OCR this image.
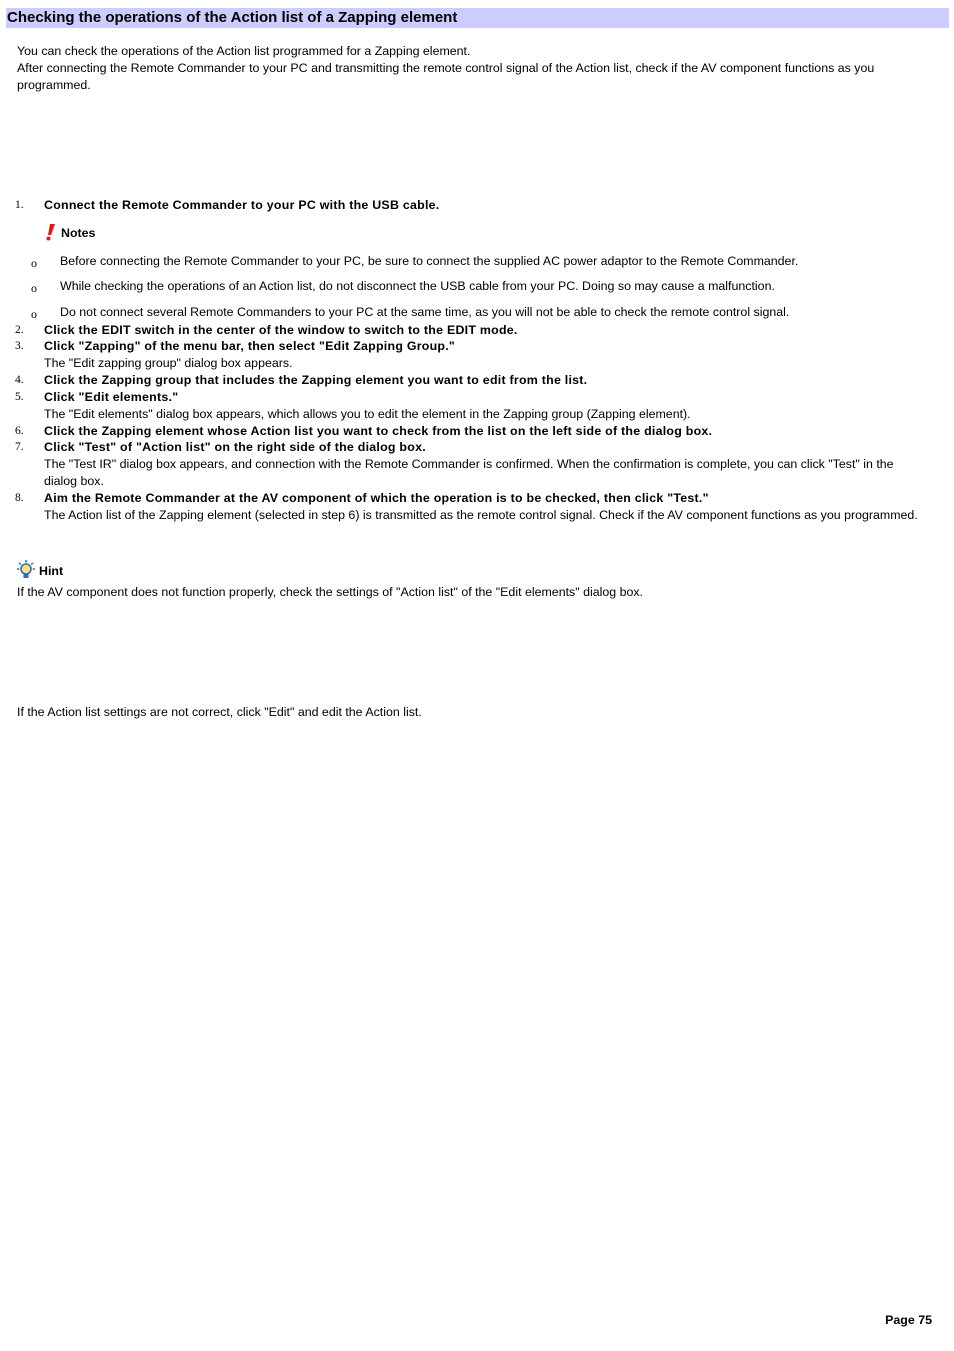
Checking the operations of the Action list of a Zapping element
You can check the operations of the Action list programmed for a Zapping element.
After connecting the Remote Commander to your PC and transmitting the remote control signal of the Action list, check if the AV component functions as you programmed.
1. Connect the Remote Commander to your PC with the USB cable.
Notes
o Before connecting the Remote Commander to your PC, be sure to connect the supplied AC power adaptor to the Remote Commander.
o While checking the operations of an Action list, do not disconnect the USB cable from your PC. Doing so may cause a malfunction.
o Do not connect several Remote Commanders to your PC at the same time, as you will not be able to check the remote control signal.
2. Click the EDIT switch in the center of the window to switch to the EDIT mode.
3. Click "Zapping" of the menu bar, then select "Edit Zapping Group."
The "Edit zapping group" dialog box appears.
4. Click the Zapping group that includes the Zapping element you want to edit from the list.
5. Click "Edit elements."
The "Edit elements" dialog box appears, which allows you to edit the element in the Zapping group (Zapping element).
6. Click the Zapping element whose Action list you want to check from the list on the left side of the dialog box.
7. Click "Test" of "Action list" on the right side of the dialog box.
The "Test IR" dialog box appears, and connection with the Remote Commander is confirmed. When the confirmation is complete, you can click "Test" in the dialog box.
8. Aim the Remote Commander at the AV component of which the operation is to be checked, then click "Test."
The Action list of the Zapping element (selected in step 6) is transmitted as the remote control signal. Check if the AV component functions as you programmed.
Hint
If the AV component does not function properly, check the settings of "Action list" of the "Edit elements" dialog box.
If the Action list settings are not correct, click "Edit" and edit the Action list.
Page 75
